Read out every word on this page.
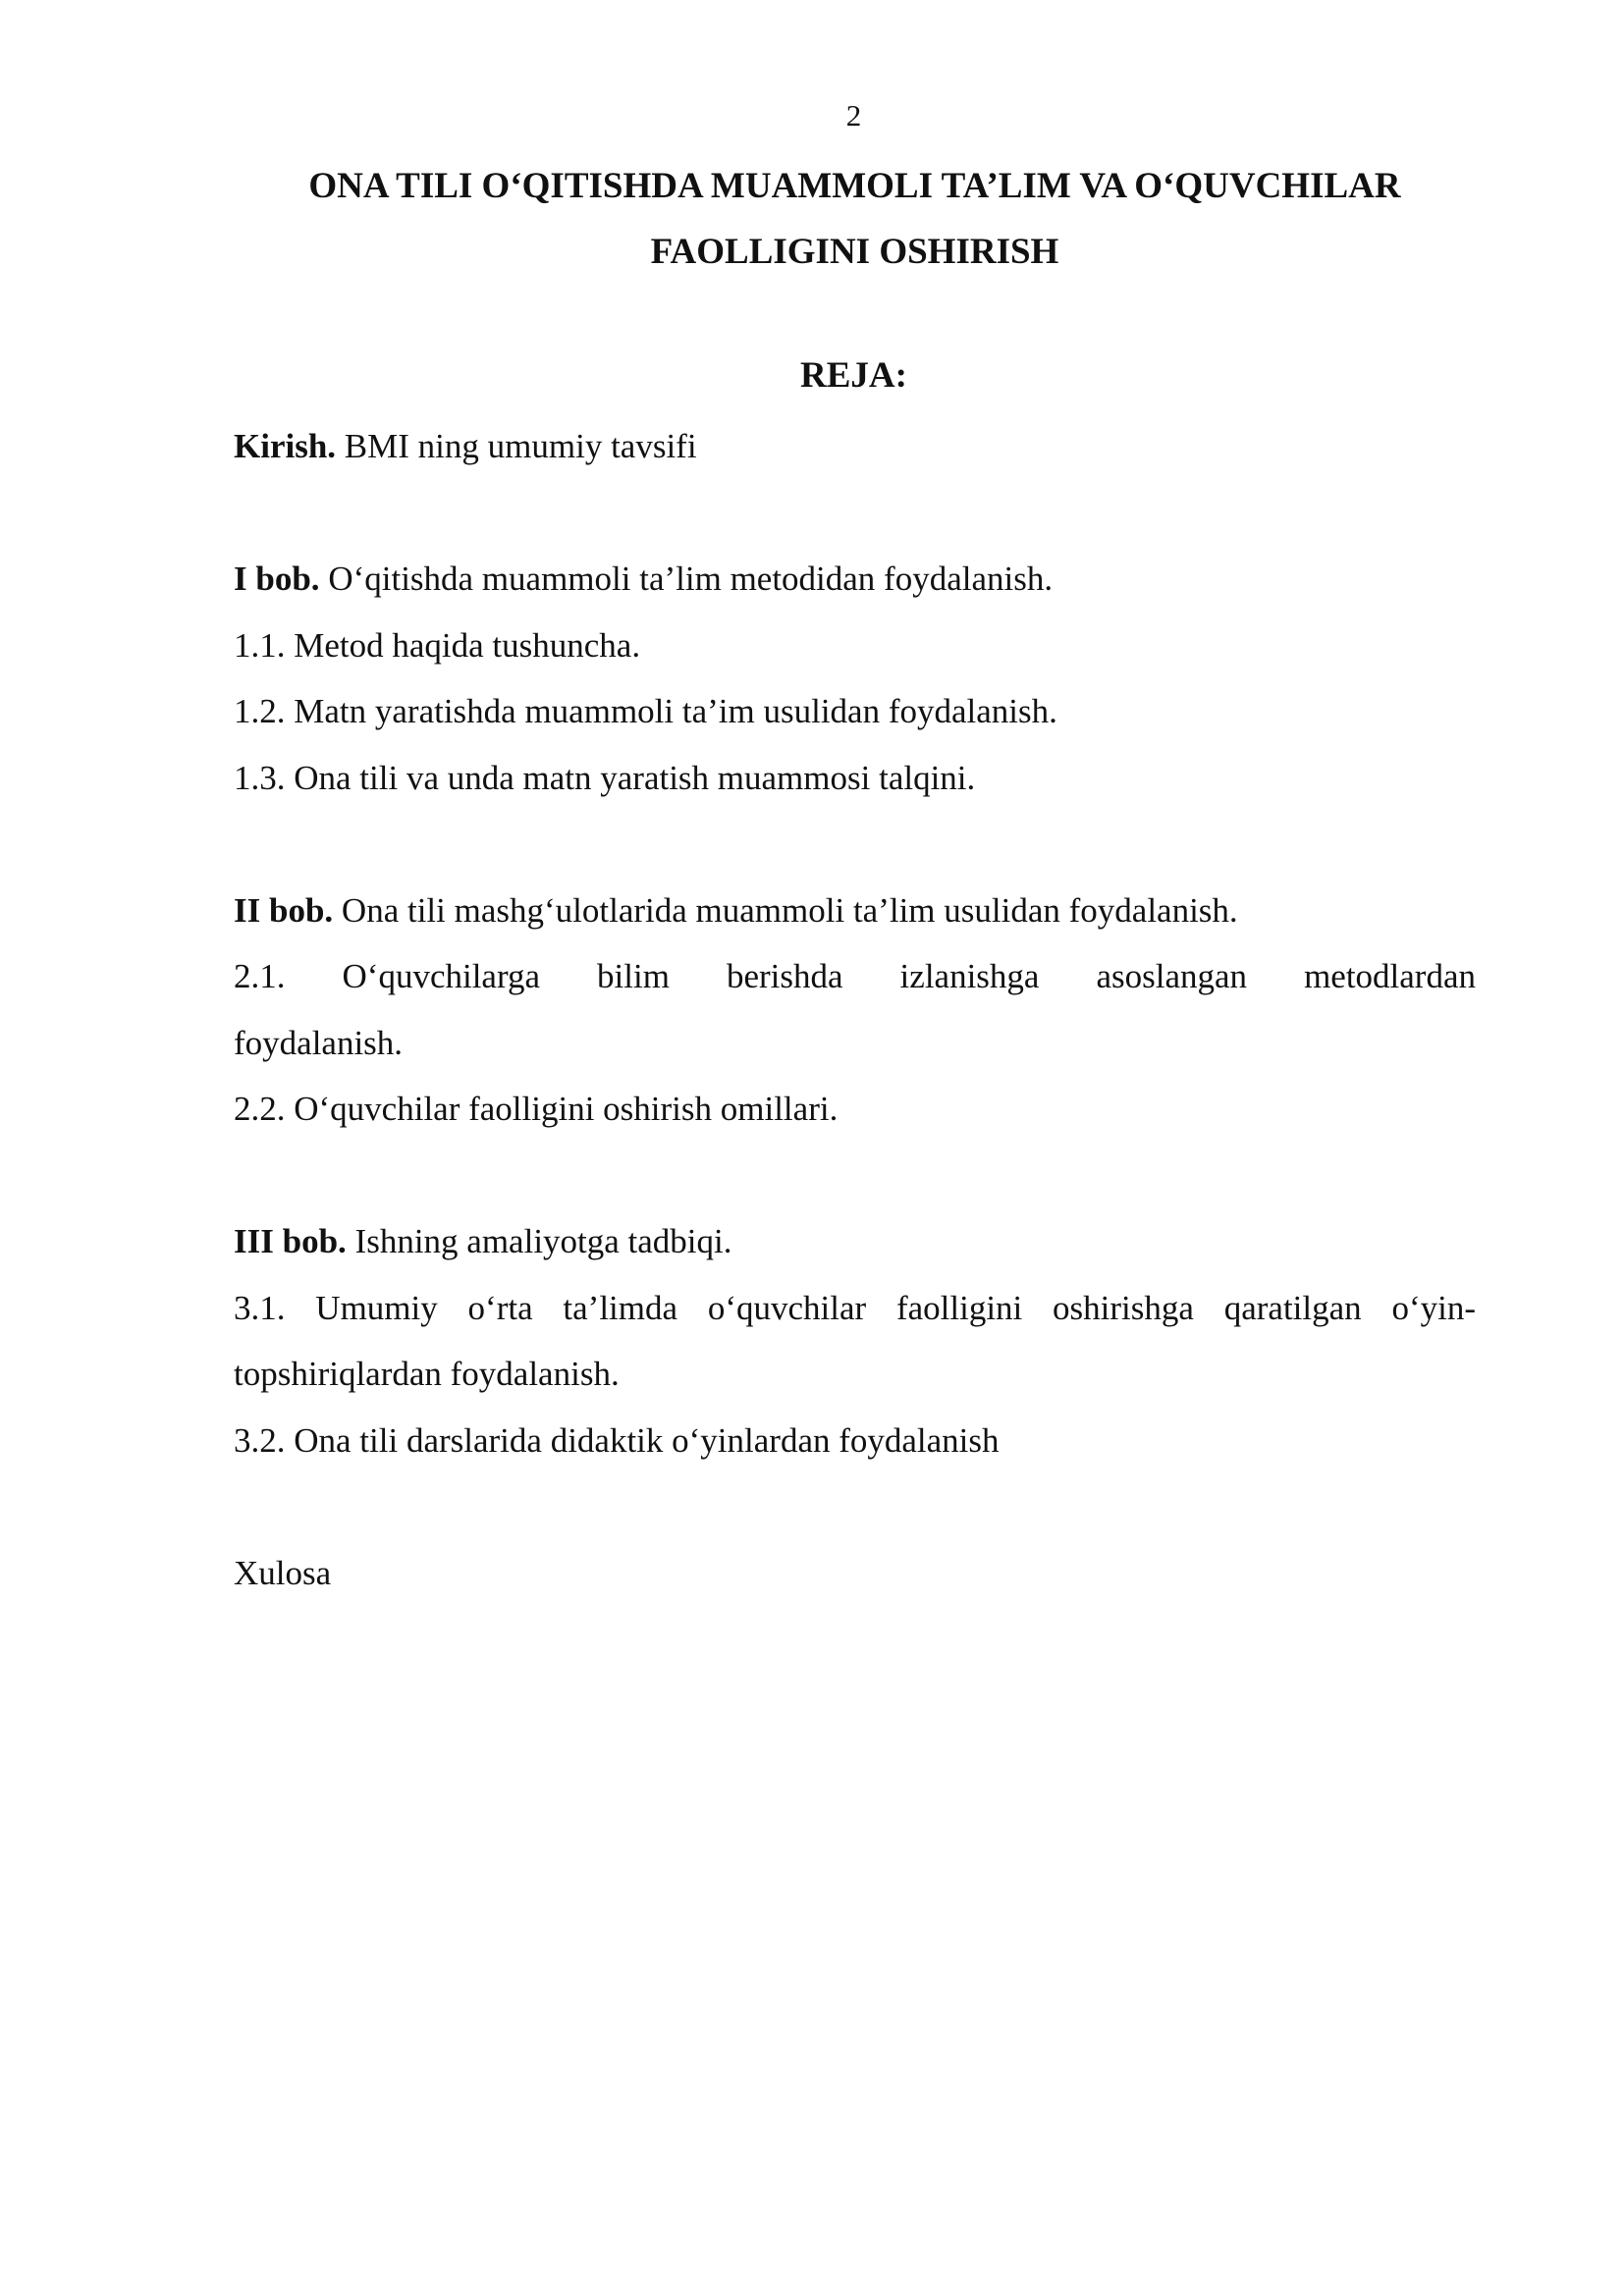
2
ONA TILI O‘QITISHDA MUAMMOLI TA’LIM VA O‘QUVCHILAR
FAOLLIGINI OSHIRISH
REJA:

Kirish. BMI ning umumiy tavsifi

I bob. O‘qitishda muammoli ta’lim metodidan foydalanish.

1.1. Metod haqida tushuncha.

1.2. Matn yaratishda muammoli ta’im usulidan foydalanish.

1.3. Ona tili va unda matn yaratish muammosi talqini.

II bob. Ona tili mashg‘ulotlarida muammoli ta’lim usulidan foydalanish.

2.1. O‘quvchilarga bilim berishda izlanishga asoslangan metodlardan

foydalanish.

2.2. O‘quvchilar faolligini oshirish omillari.

III bob. Ishning amaliyotga tadbiqi.

3.1. Umumiy o‘rta ta’limda o‘quvchilar faolligini oshirishga qaratilgan o‘yin-

topshiriqlardan foydalanish.

3.2. Ona tili darslarida didaktik o‘yinlardan foydalanish

Xulosa
